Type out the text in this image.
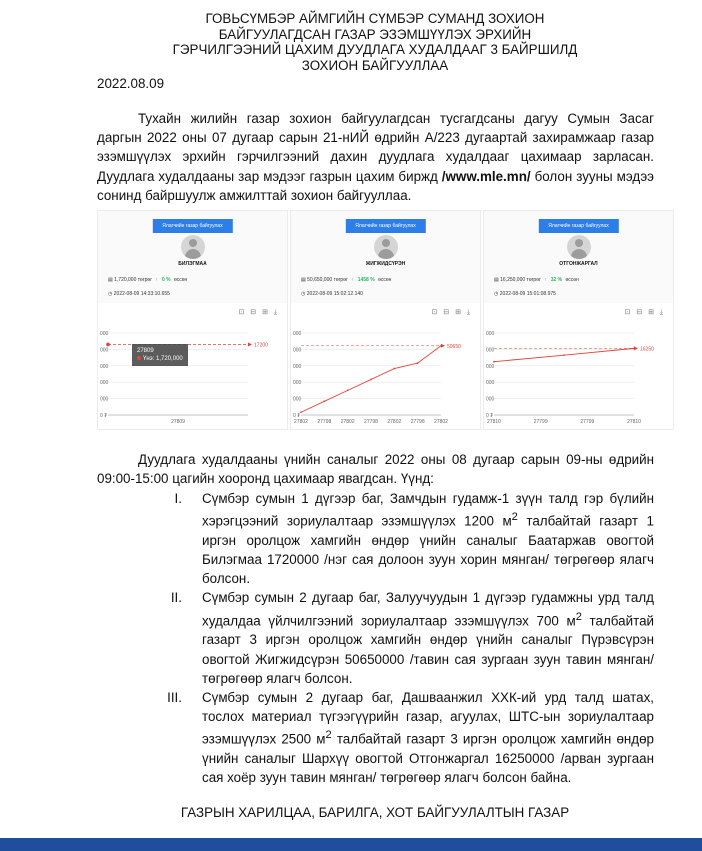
ГОВЬСҮМБЭР АЙМГИЙН СҮМБЭР СУМАНД ЗОХИОН
БАЙГУУЛАГДСАН ГАЗАР ЭЗЭМШҮҮЛЭХ ЭРХИЙН
ГЭРЧИЛГЭЭНИЙ ЦАХИМ ДУУДЛАГА ХУДАЛДААГ 3 БАЙРШИЛД
ЗОХИОН БАЙГУУЛЛАА
2022.08.09
Тухайн жилийн газар зохион байгуулагдсан тусгагдсаны дагуу Сумын Засаг даргын 2022 оны 07 дугаар сарын 21-нИЙ өдрийн А/223 дугаартай захирамжаар газар эзэмшүүлэх эрхийн гэрчилгээний дахин дуудлага худалдааг цахимаар зарласан. Дуудлага худалдааны зар мэдээг газрын цахим биржд /www.mle.mn/ болон зууны мэдээ сонинд байршуулж амжилттай зохион байгууллаа.
Ялагчийн газар байгуулах
БИЛЭГМАА
▤ 1,720,000 төгрөг ↑ 0 % өссөн
◷ 2022-08-09 14:33:10.655
⊡ ⊟ ⊞ ⤓
000
000
000
000
000
0 ₮
27809
17200
27809
Үнэ: 1,720,000
Ялагчийн газар байгуулах
ЖИГЖИДСҮРЭН
▤ 50,650,000 төгрөг ↑ 1458 % өссөн
◷ 2022-08-09 15:02:12.140
⊡ ⊟ ⊞ ⤓
000
000
000
000
000
0 ₮
27802 27798 27802 27798 27802 27798 27802
50650
Ялагчийн газар байгуулах
ОТГОНЖАРГАЛ
▤ 16,250,000 төгрөг ↑ 32 % өссөн
◷ 2022-08-09 15:01:08.975
⊡ ⊟ ⊞ ⤓
000
000
000
000
000
0 ₮
27810	27799	27799	27810
16250
Дуудлага худалдааны үнийн саналыг 2022 оны 08 дугаар сарын 09-ны өдрийн 09:00-15:00 цагийн хооронд цахимаар явагдсан. Үүнд:
I. Сүмбэр сумын 1 дүгээр баг, Замчдын гудамж-1 зүүн талд гэр бүлийн хэрэгцээний зориулалтаар эзэмшүүлэх 1200 $м^2$ талбайтай газарт 1 иргэн оролцож хамгийн өндөр үнийн саналыг Баатаржав овогтой Билэгмаа 1720000 /нэг сая долоон зуун хорин мянган/ төгрөгөөр ялагч болсон.
II. Сүмбэр сумын 2 дугаар баг, Залуучуудын 1 дүгээр гудамжны урд талд худалдаа үйлчилгээний зориулалтаар эзэмшүүлэх 700 $м^2$ талбайтай газарт 3 иргэн оролцож хамгийн өндөр үнийн саналыг Пүрэвсүрэн овогтой Жигжидсүрэн 50650000 /тавин сая зургаан зуун тавин мянган/ төгрөгөөр ялагч болсон.
III. Сүмбэр сумын 2 дугаар баг, Дашваанжил ХХК-ий урд талд шатах, тослох материал түгээгүүрийн газар, агуулах, ШТС-ын зориулалтаар эзэмшүүлэх 2500 $м^2$ талбайтай газарт 3 иргэн оролцож хамгийн өндөр үнийн саналыг Шархүү овогтой Отгонжаргал 16250000 /арван зургаан сая хоёр зуун тавин мянган/ төгрөгөөр ялагч болсон байна.
ГАЗРЫН ХАРИЛЦАА, БАРИЛГА, ХОТ БАЙГУУЛАЛТЫН ГАЗАР
